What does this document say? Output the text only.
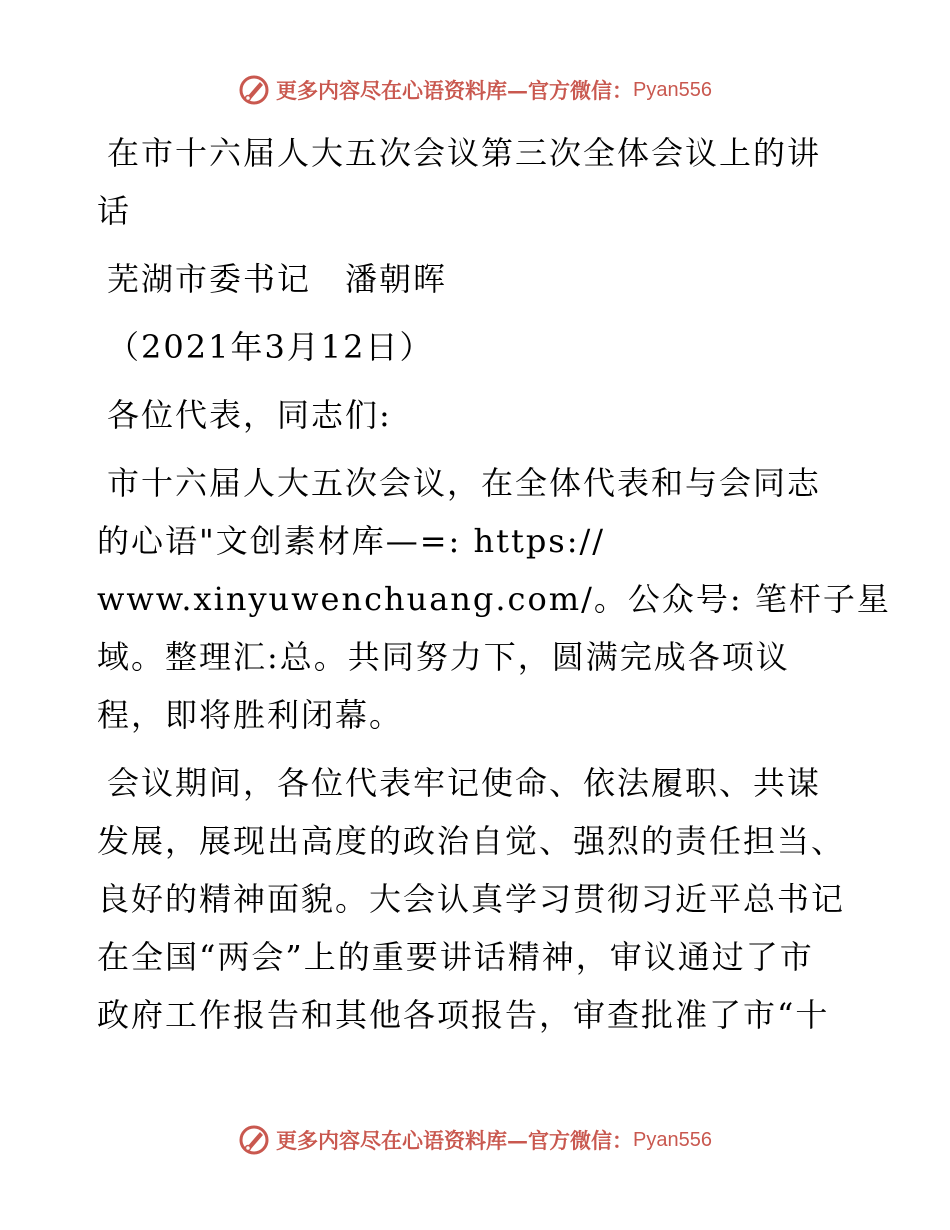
更多内容尽在心语资料库—官方微信： Pyan556
在市十六届人大五次会议第三次全体会议上的讲
话
芜湖市委书记　潘朝晖
（2021年3月12日）
各位代表，同志们:
市十六届人大五次会议，在全体代表和与会同志
的心语"文创素材库—=: https://
www.xinyuwenchuang.com/。公众号: 笔杆子星
域。整理汇:总。共同努力下，圆满完成各项议
程，即将胜利闭幕。
会议期间，各位代表牢记使命、依法履职、共谋
发展，展现出高度的政治自觉、强烈的责任担当、
良好的精神面貌。大会认真学习贯彻习近平总书记
在全国“两会”上的重要讲话精神，审议通过了市
政府工作报告和其他各项报告，审查批准了市“十
更多内容尽在心语资料库—官方微信： Pyan556
